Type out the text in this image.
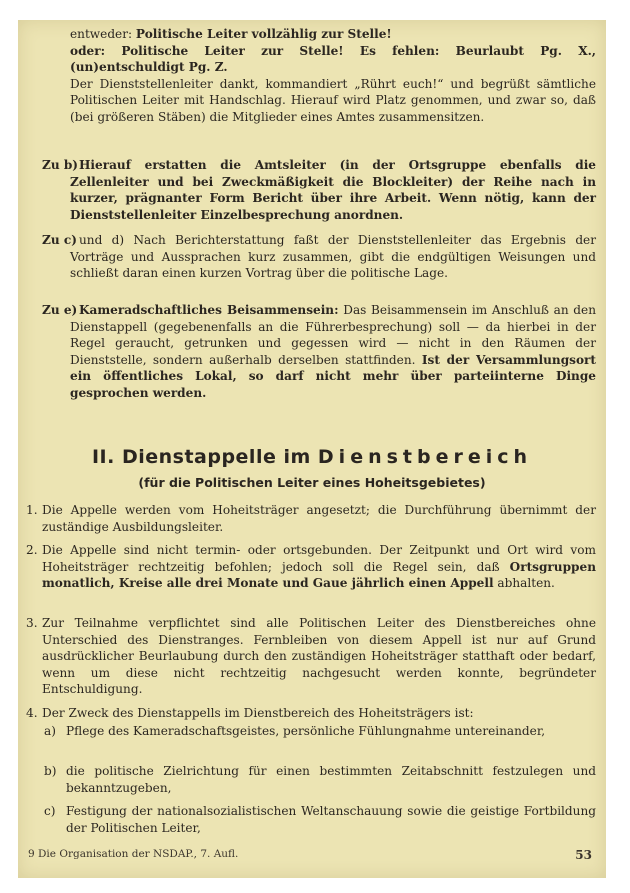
entweder: Politische Leiter vollzählig zur Stelle!

oder: Politische Leiter zur Stelle! Es fehlen: Beurlaubt Pg. X., (un)entschuldigt Pg. Z.

Der Dienststellenleiter dankt, kommandiert „Rührt euch!“ und begrüßt sämtliche Politischen Leiter mit Handschlag. Hierauf wird Platz genommen, und zwar so, daß (bei größeren Stäben) die Mitglieder eines Amtes zusammensitzen.

Zu b) Hierauf erstatten die Amtsleiter (in der Ortsgruppe ebenfalls die Zellenleiter und bei Zweckmäßigkeit die Blockleiter) der Reihe nach in kurzer, prägnanter Form Bericht über ihre Arbeit. Wenn nötig, kann der Dienststellenleiter Einzelbesprechung anordnen.

Zu c) und d) Nach Berichterstattung faßt der Dienststellenleiter das Ergebnis der Vorträge und Aussprachen kurz zusammen, gibt die endgültigen Weisungen und schließt daran einen kurzen Vortrag über die politische Lage.

Zu e) Kameradschaftliches Beisammensein: Das Beisammensein im Anschluß an den Dienstappell (gegebenenfalls an die Führerbesprechung) soll — da hierbei in der Regel geraucht, getrunken und gegessen wird — nicht in den Räumen der Dienststelle, sondern außerhalb derselben stattfinden. Ist der Versammlungsort ein öffentliches Lokal, so darf nicht mehr über parteiinterne Dinge gesprochen werden.

II. Dienstappelle im Dienstbereich

(für die Politischen Leiter eines Hoheitsgebietes)

1. Die Appelle werden vom Hoheitsträger angesetzt; die Durchführung übernimmt der zuständige Ausbildungsleiter.

2. Die Appelle sind nicht termin- oder ortsgebunden. Der Zeitpunkt und Ort wird vom Hoheitsträger rechtzeitig befohlen; jedoch soll die Regel sein, daß Ortsgruppen monatlich, Kreise alle drei Monate und Gaue jährlich einen Appell abhalten.

3. Zur Teilnahme verpflichtet sind alle Politischen Leiter des Dienstbereiches ohne Unterschied des Dienstranges. Fernbleiben von diesem Appell ist nur auf Grund ausdrücklicher Beurlaubung durch den zuständigen Hoheitsträger statthaft oder bedarf, wenn um diese nicht rechtzeitig nachgesucht werden konnte, begründeter Entschuldigung.

4. Der Zweck des Dienstappells im Dienstbereich des Hoheitsträgers ist:

a) Pflege des Kameradschaftsgeistes, persönliche Fühlungnahme untereinander,

b) die politische Zielrichtung für einen bestimmten Zeitabschnitt festzulegen und bekanntzugeben,

c) Festigung der nationalsozialistischen Weltanschauung sowie die geistige Fortbildung der Politischen Leiter,

9 Die Organisation der NSDAP., 7. Aufl.	53
